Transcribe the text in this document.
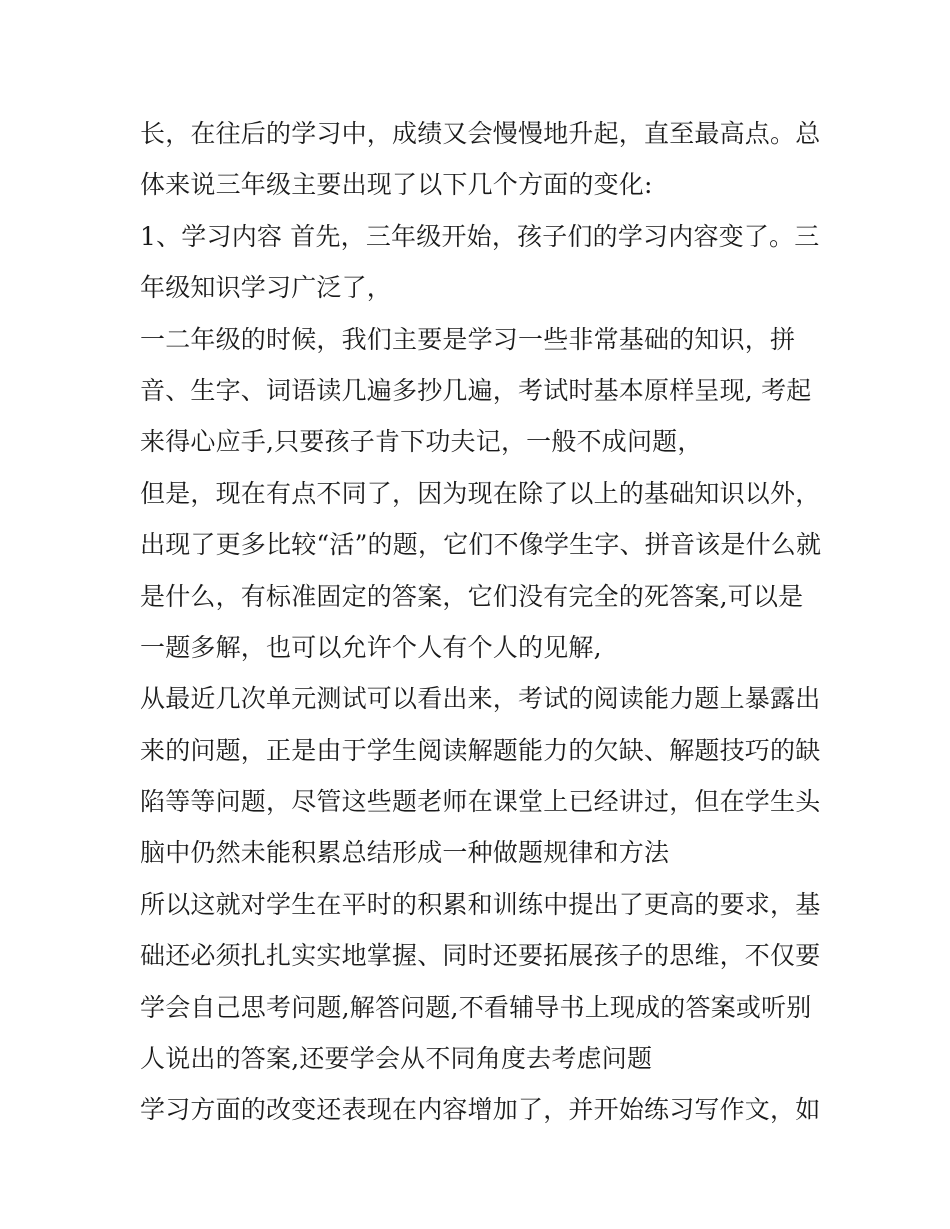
长，在往后的学习中，成绩又会慢慢地升起，直至最高点。总
体来说三年级主要出现了以下几个方面的变化:
1、学习内容 首先，三年级开始，孩子们的学习内容变了。三
年级知识学习广泛了，
一二年级的时候，我们主要是学习一些非常基础的知识，拼
音、生字、词语读几遍多抄几遍，考试时基本原样呈现, 考起
来得心应手,只要孩子肯下功夫记，一般不成问题，
但是，现在有点不同了，因为现在除了以上的基础知识以外，
出现了更多比较“活”的题，它们不像学生字、拼音该是什么就
是什么，有标准固定的答案，它们没有完全的死答案,可以是
一题多解，也可以允许个人有个人的见解,
从最近几次单元测试可以看出来，考试的阅读能力题上暴露出
来的问题，正是由于学生阅读解题能力的欠缺、解题技巧的缺
陷等等问题，尽管这些题老师在课堂上已经讲过，但在学生头
脑中仍然未能积累总结形成一种做题规律和方法
所以这就对学生在平时的积累和训练中提出了更高的要求，基
础还必须扎扎实实地掌握、同时还要拓展孩子的思维，不仅要
学会自己思考问题,解答问题,不看辅导书上现成的答案或听别
人说出的答案,还要学会从不同角度去考虑问题
学习方面的改变还表现在内容增加了，并开始练习写作文，如
